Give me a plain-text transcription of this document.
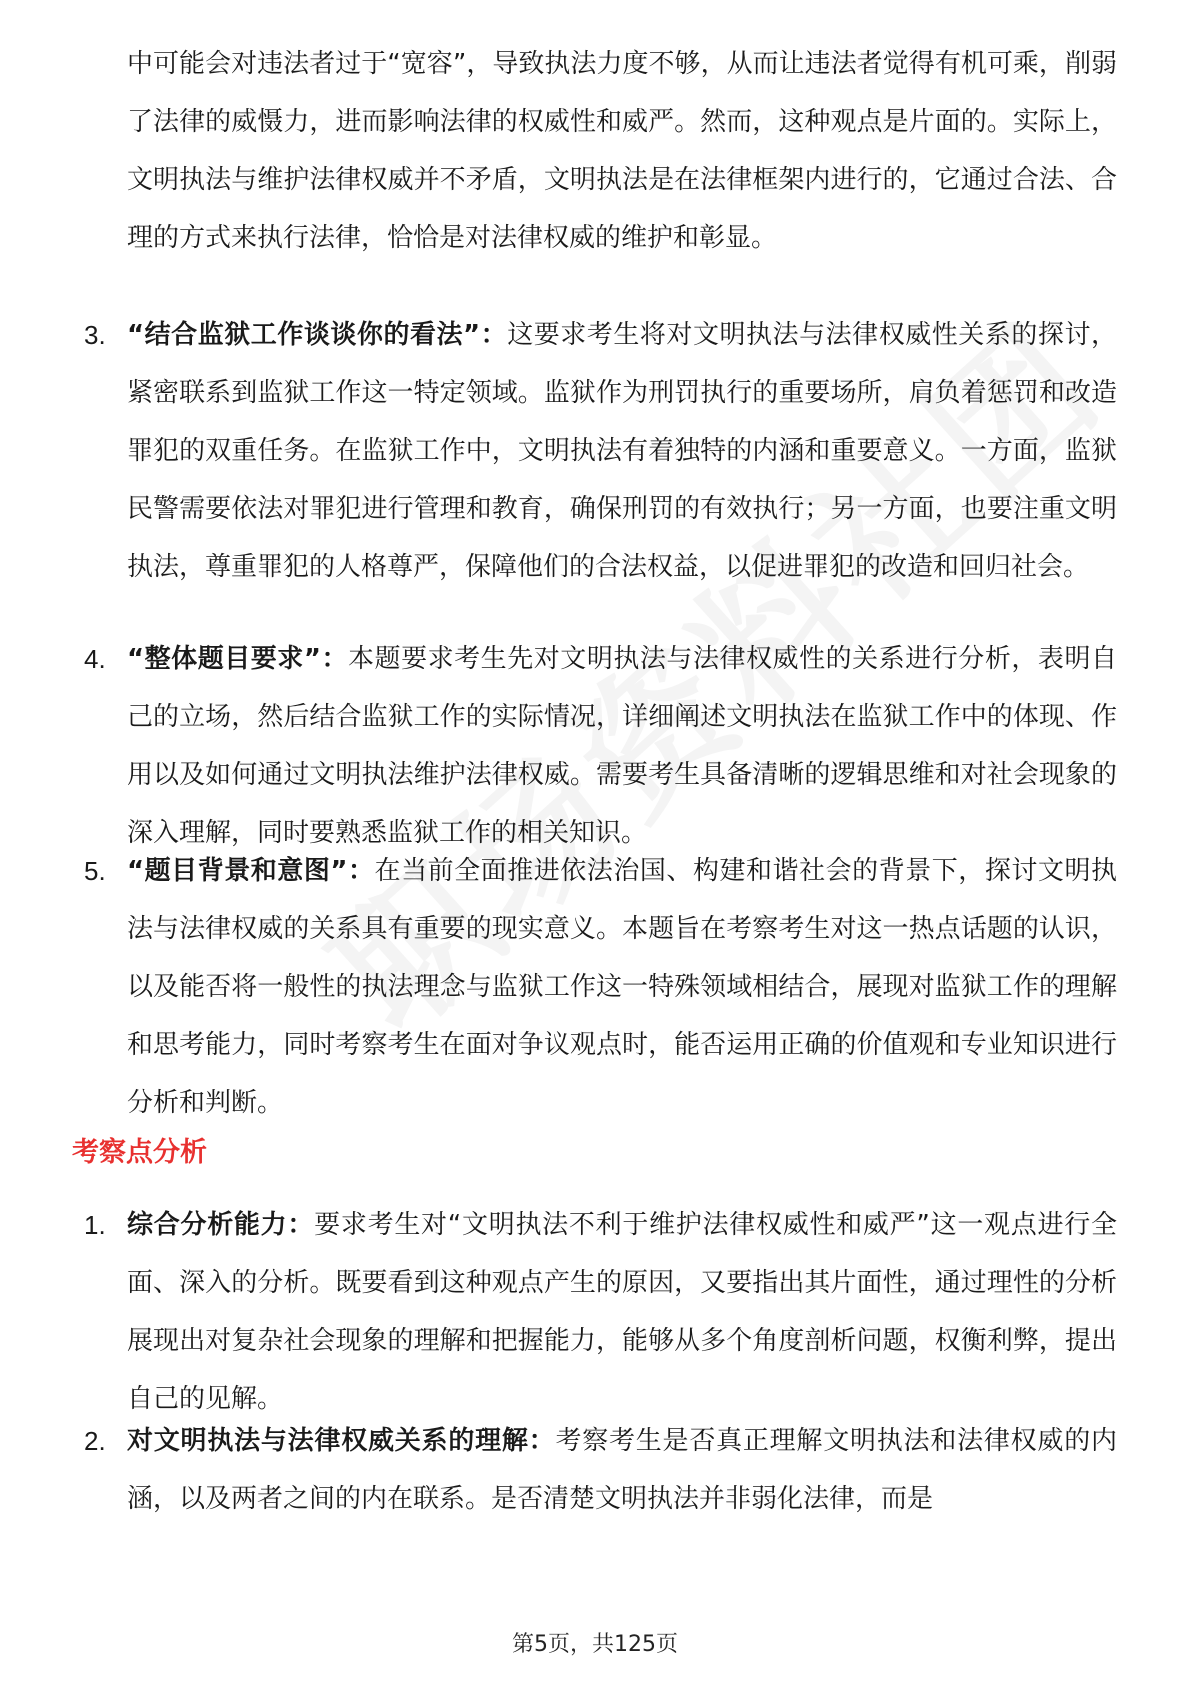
中可能会对违法者过于“宽容”，导致执法力度不够，从而让违法者觉得有机可乘，削弱了法律的威慑力，进而影响法律的权威性和威严。然而，这种观点是片面的。实际上，文明执法与维护法律权威并不矛盾，文明执法是在法律框架内进行的，它通过合法、合理的方式来执行法律，恰恰是对法律权威的维护和彰显。

3. “结合监狱工作谈谈你的看法”：这要求考生将对文明执法与法律权威性关系的探讨，紧密联系到监狱工作这一特定领域。监狱作为刑罚执行的重要场所，肩负着惩罚和改造罪犯的双重任务。在监狱工作中，文明执法有着独特的内涵和重要意义。一方面，监狱民警需要依法对罪犯进行管理和教育，确保刑罚的有效执行；另一方面，也要注重文明执法，尊重罪犯的人格尊严，保障他们的合法权益，以促进罪犯的改造和回归社会。
4. “整体题目要求”：本题要求考生先对文明执法与法律权威性的关系进行分析，表明自己的立场，然后结合监狱工作的实际情况，详细阐述文明执法在监狱工作中的体现、作用以及如何通过文明执法维护法律权威。需要考生具备清晰的逻辑思维和对社会现象的深入理解，同时要熟悉监狱工作的相关知识。
5. “题目背景和意图”：在当前全面推进依法治国、构建和谐社会的背景下，探讨文明执法与法律权威的关系具有重要的现实意义。本题旨在考察考生对这一热点话题的认识，以及能否将一般性的执法理念与监狱工作这一特殊领域相结合，展现对监狱工作的理解和思考能力，同时考察考生在面对争议观点时，能否运用正确的价值观和专业知识进行分析和判断。
考察点分析
1. 综合分析能力：要求考生对“文明执法不利于维护法律权威性和威严”这一观点进行全面、深入的分析。既要看到这种观点产生的原因，又要指出其片面性，通过理性的分析展现出对复杂社会现象的理解和把握能力，能够从多个角度剖析问题，权衡利弊，提出自己的见解。
2. 对文明执法与法律权威关系的理解：考察考生是否真正理解文明执法和法律权威的内涵，以及两者之间的内在联系。是否清楚文明执法并非弱化法律，而是
第5页，共125页
